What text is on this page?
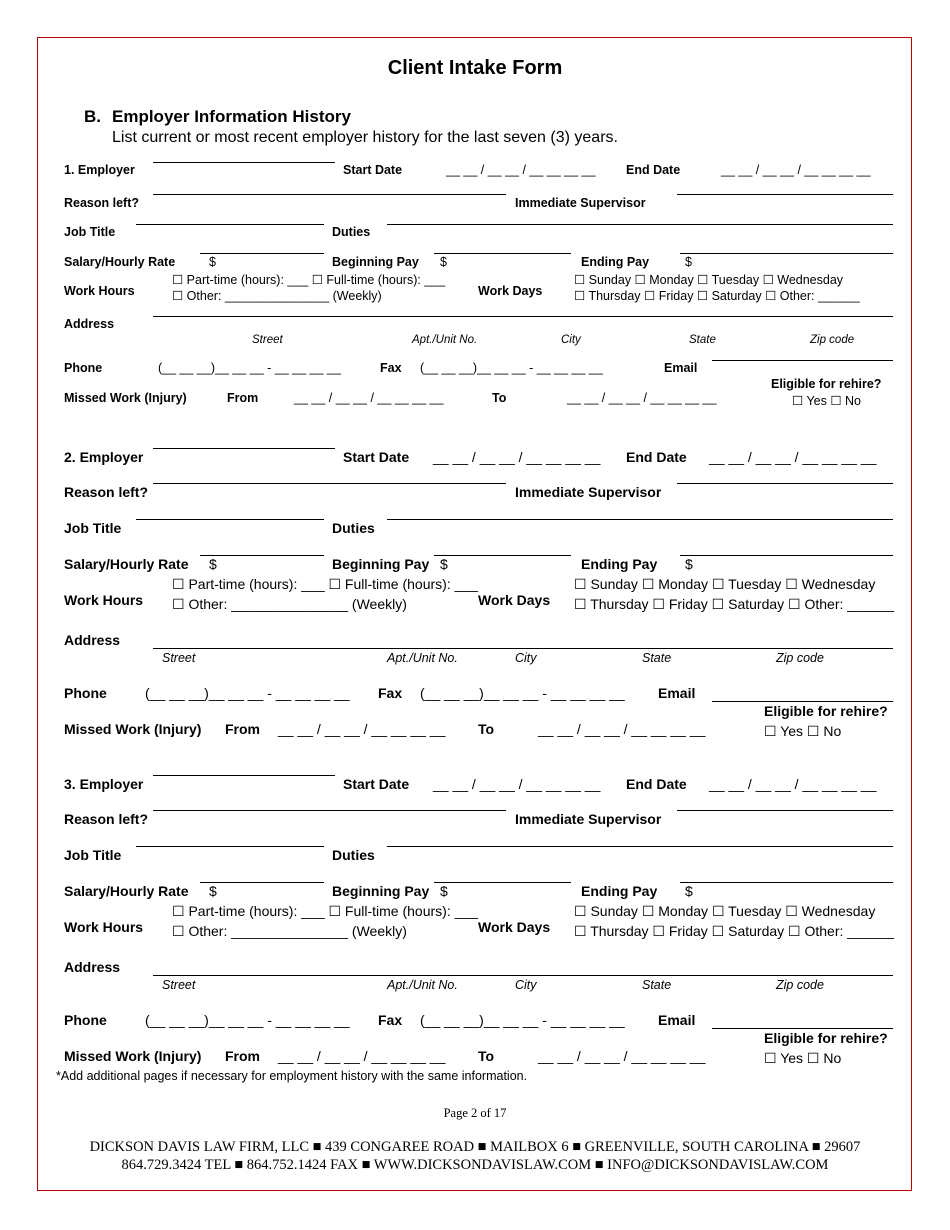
Client Intake Form
B. Employer Information History
List current or most recent employer history for the last seven (3) years.
1. Employer	Start Date	__ __ / __ __ / __ __ __ __ End Date	__ __ / __ __ / __ __ __ __
Reason left?	Immediate Supervisor
Job Title	Duties
Salary/Hourly Rate	$	Beginning Pay $	Ending Pay	$
Work Hours
☐ Part-time (hours): ___ ☐ Full-time (hours): ___
☐ Other: _______________ (Weekly)	Work Days
☐ Sunday ☐ Monday ☐ Tuesday ☐ Wednesday
☐ Thursday ☐ Friday ☐ Saturday ☐ Other: ______
Address
Street	Apt./Unit No.	City	State	Zip code
Phone	(__ __ __)__ __ __ - __ __ __ __	Fax (__ __ __)__ __ __ - __ __ __ __	Email
Eligible for rehire?
☐ Yes ☐ No
Missed Work (Injury)	From	__ __ / __ __ / __ __ __ __	To	__ __ / __ __ / __ __ __ __
2. Employer	Start Date __ __ / __ __ / __ __ __ __ End Date __ __ / __ __ / __ __ __ __
Reason left?	Immediate Supervisor
Job Title	Duties
Salary/Hourly Rate $	Beginning Pay $	Ending Pay $
Work Hours
☐ Part-time (hours): ___ ☐ Full-time (hours): ___
☐ Other: _______________ (Weekly)	Work Days
☐ Sunday ☐ Monday ☐ Tuesday ☐ Wednesday
☐ Thursday ☐ Friday ☐ Saturday ☐ Other: ______
Address
Street	Apt./Unit No.	City	State	Zip code
Phone	(__ __ __)__ __ __ - __ __ __ __ Fax (__ __ __)__ __ __ - __ __ __ __ Email
Eligible for rehire?
☐ Yes ☐ No
Missed Work (Injury) From __ __ / __ __ / __ __ __ __ To	__ __ / __ __ / __ __ __ __
3. Employer	Start Date __ __ / __ __ / __ __ __ __ End Date __ __ / __ __ / __ __ __ __
Reason left?	Immediate Supervisor
Job Title	Duties
Salary/Hourly Rate $	Beginning Pay $	Ending Pay $
Work Hours
☐ Part-time (hours): ___ ☐ Full-time (hours): ___
☐ Other: _______________ (Weekly)	Work Days
☐ Sunday ☐ Monday ☐ Tuesday ☐ Wednesday
☐ Thursday ☐ Friday ☐ Saturday ☐ Other: ______
Address
Street	Apt./Unit No.	City	State	Zip code
Phone	(__ __ __)__ __ __ - __ __ __ __ Fax (__ __ __)__ __ __ - __ __ __ __ Email
Eligible for rehire?
☐ Yes ☐ No
Missed Work (Injury) From __ __ / __ __ / __ __ __ __ To	__ __ / __ __ / __ __ __ __
*Add additional pages if necessary for employment history with the same information.
Page 2 of 17
DICKSON DAVIS LAW FIRM, LLC ■ 439 CONGAREE ROAD ■ MAILBOX 6 ■ GREENVILLE, SOUTH CAROLINA ■ 29607
864.729.3424 TEL ■ 864.752.1424 FAX ■ WWW.DICKSONDAVISLAW.COM ■ INFO@DICKSONDAVISLAW.COM
